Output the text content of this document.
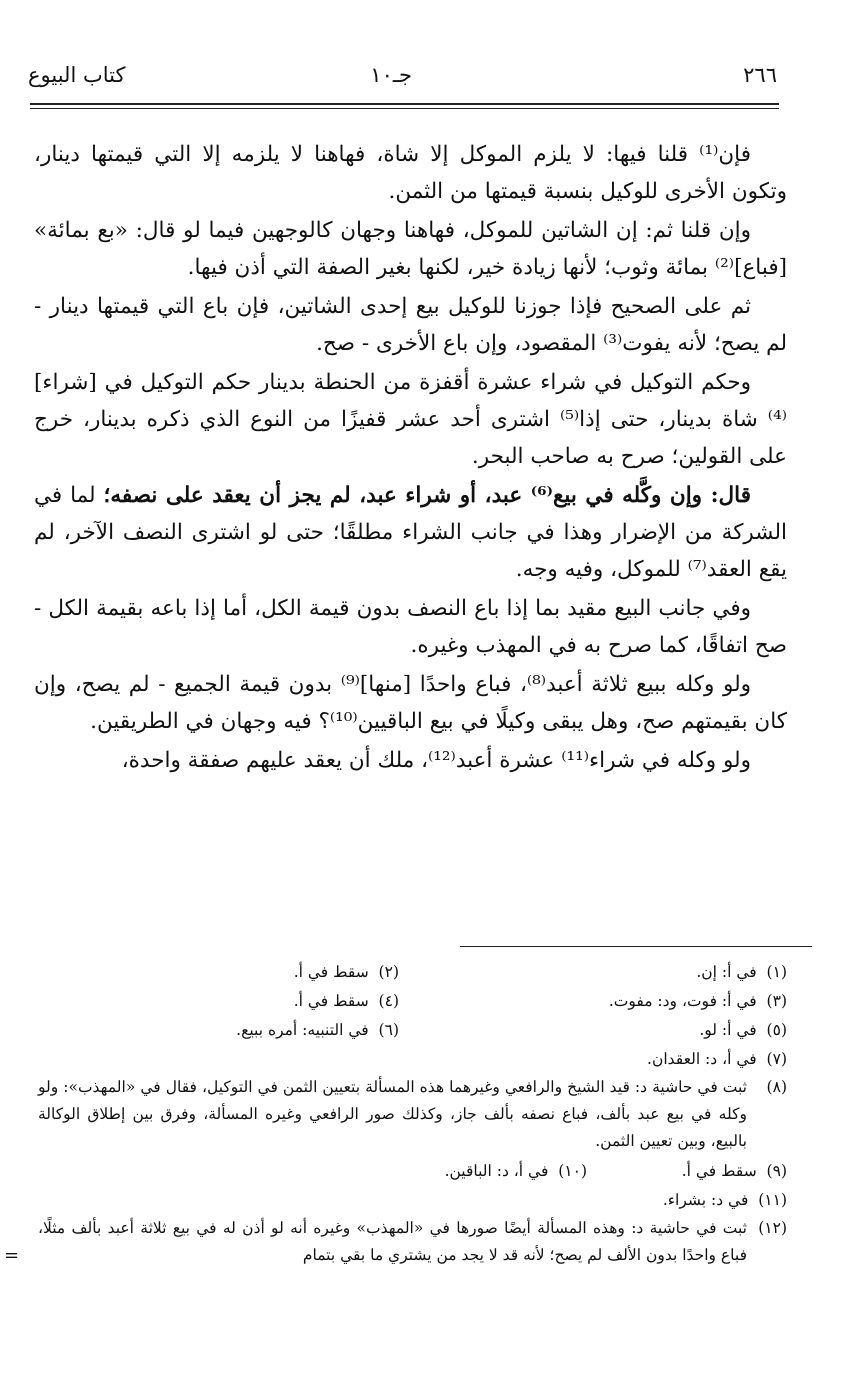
٢٦٦
جـ١٠
كتاب البيوع

فإن⁽¹⁾ قلنا فيها: لا يلزم الموكل إلا شاة، فهاهنا لا يلزمه إلا التي قيمتها دينار، وتكون الأخرى للوكيل بنسبة قيمتها من الثمن.

وإن قلنا ثم: إن الشاتين للموكل، فهاهنا وجهان كالوجهين فيما لو قال: «بع بمائة» [فباع]⁽²⁾ بمائة وثوب؛ لأنها زيادة خير، لكنها بغير الصفة التي أذن فيها.

ثم على الصحيح فإذا جوزنا للوكيل بيع إحدى الشاتين، فإن باع التي قيمتها دينار - لم يصح؛ لأنه يفوت⁽³⁾ المقصود، وإن باع الأخرى - صح.

وحكم التوكيل في شراء عشرة أقفزة من الحنطة بدينار حكم التوكيل في [شراء]⁽⁴⁾ شاة بدينار، حتى إذا⁽⁵⁾ اشترى أحد عشر قفيزًا من النوع الذي ذكره بدينار، خرج على القولين؛ صرح به صاحب البحر.

قال: وإن وكَّله في بيع⁽⁶⁾ عبد، أو شراء عبد، لم يجز أن يعقد على نصفه؛ لما في الشركة من الإضرار وهذا في جانب الشراء مطلقًا؛ حتى لو اشترى النصف الآخر، لم يقع العقد⁽⁷⁾ للموكل، وفيه وجه.

وفي جانب البيع مقيد بما إذا باع النصف بدون قيمة الكل، أما إذا باعه بقيمة الكل - صح اتفاقًا، كما صرح به في المهذب وغيره.

ولو وكله ببيع ثلاثة أعبد⁽⁸⁾، فباع واحدًا [منها]⁽⁹⁾ بدون قيمة الجميع - لم يصح، وإن كان بقيمتهم صح، وهل يبقى وكيلًا في بيع الباقيين⁽¹⁰⁾؟ فيه وجهان في الطريقين.

ولو وكله في شراء⁽¹¹⁾ عشرة أعبد⁽¹²⁾، ملك أن يعقد عليهم صفقة واحدة،

(١)  في أ: إن.
(٢)  سقط في أ.
(٣)  في أ: فوت، ود: مفوت.
(٤)  سقط في أ.
(٥)  في أ: لو.
(٦)  في التنبيه: أمره ببيع.
(٧)  في أ، د: العقدان.
(٨)
ثبت في حاشية د: قيد الشيخ والرافعي وغيرهما هذه المسألة بتعيين الثمن في التوكيل، فقال في «المهذب»: ولو وكله في بيع عبد بألف، فباع نصفه بألف جاز، وكذلك صور الرافعي وغيره المسألة، وفرق بين إطلاق الوكالة بالبيع، وبين تعيين الثمن.
(٩)  سقط في أ.
(١٠)  في أ، د: الباقين.
(١١)  في د: بشراء.
(١٢)
ثبت في حاشية د: وهذه المسألة أيضًا صورها في «المهذب» وغيره أنه لو أذن له في بيع ثلاثة أعبد بألف مثلًا، فباع واحدًا بدون الألف لم يصح؛ لأنه قد لا يجد من يشتري ما بقي بتمام
=
